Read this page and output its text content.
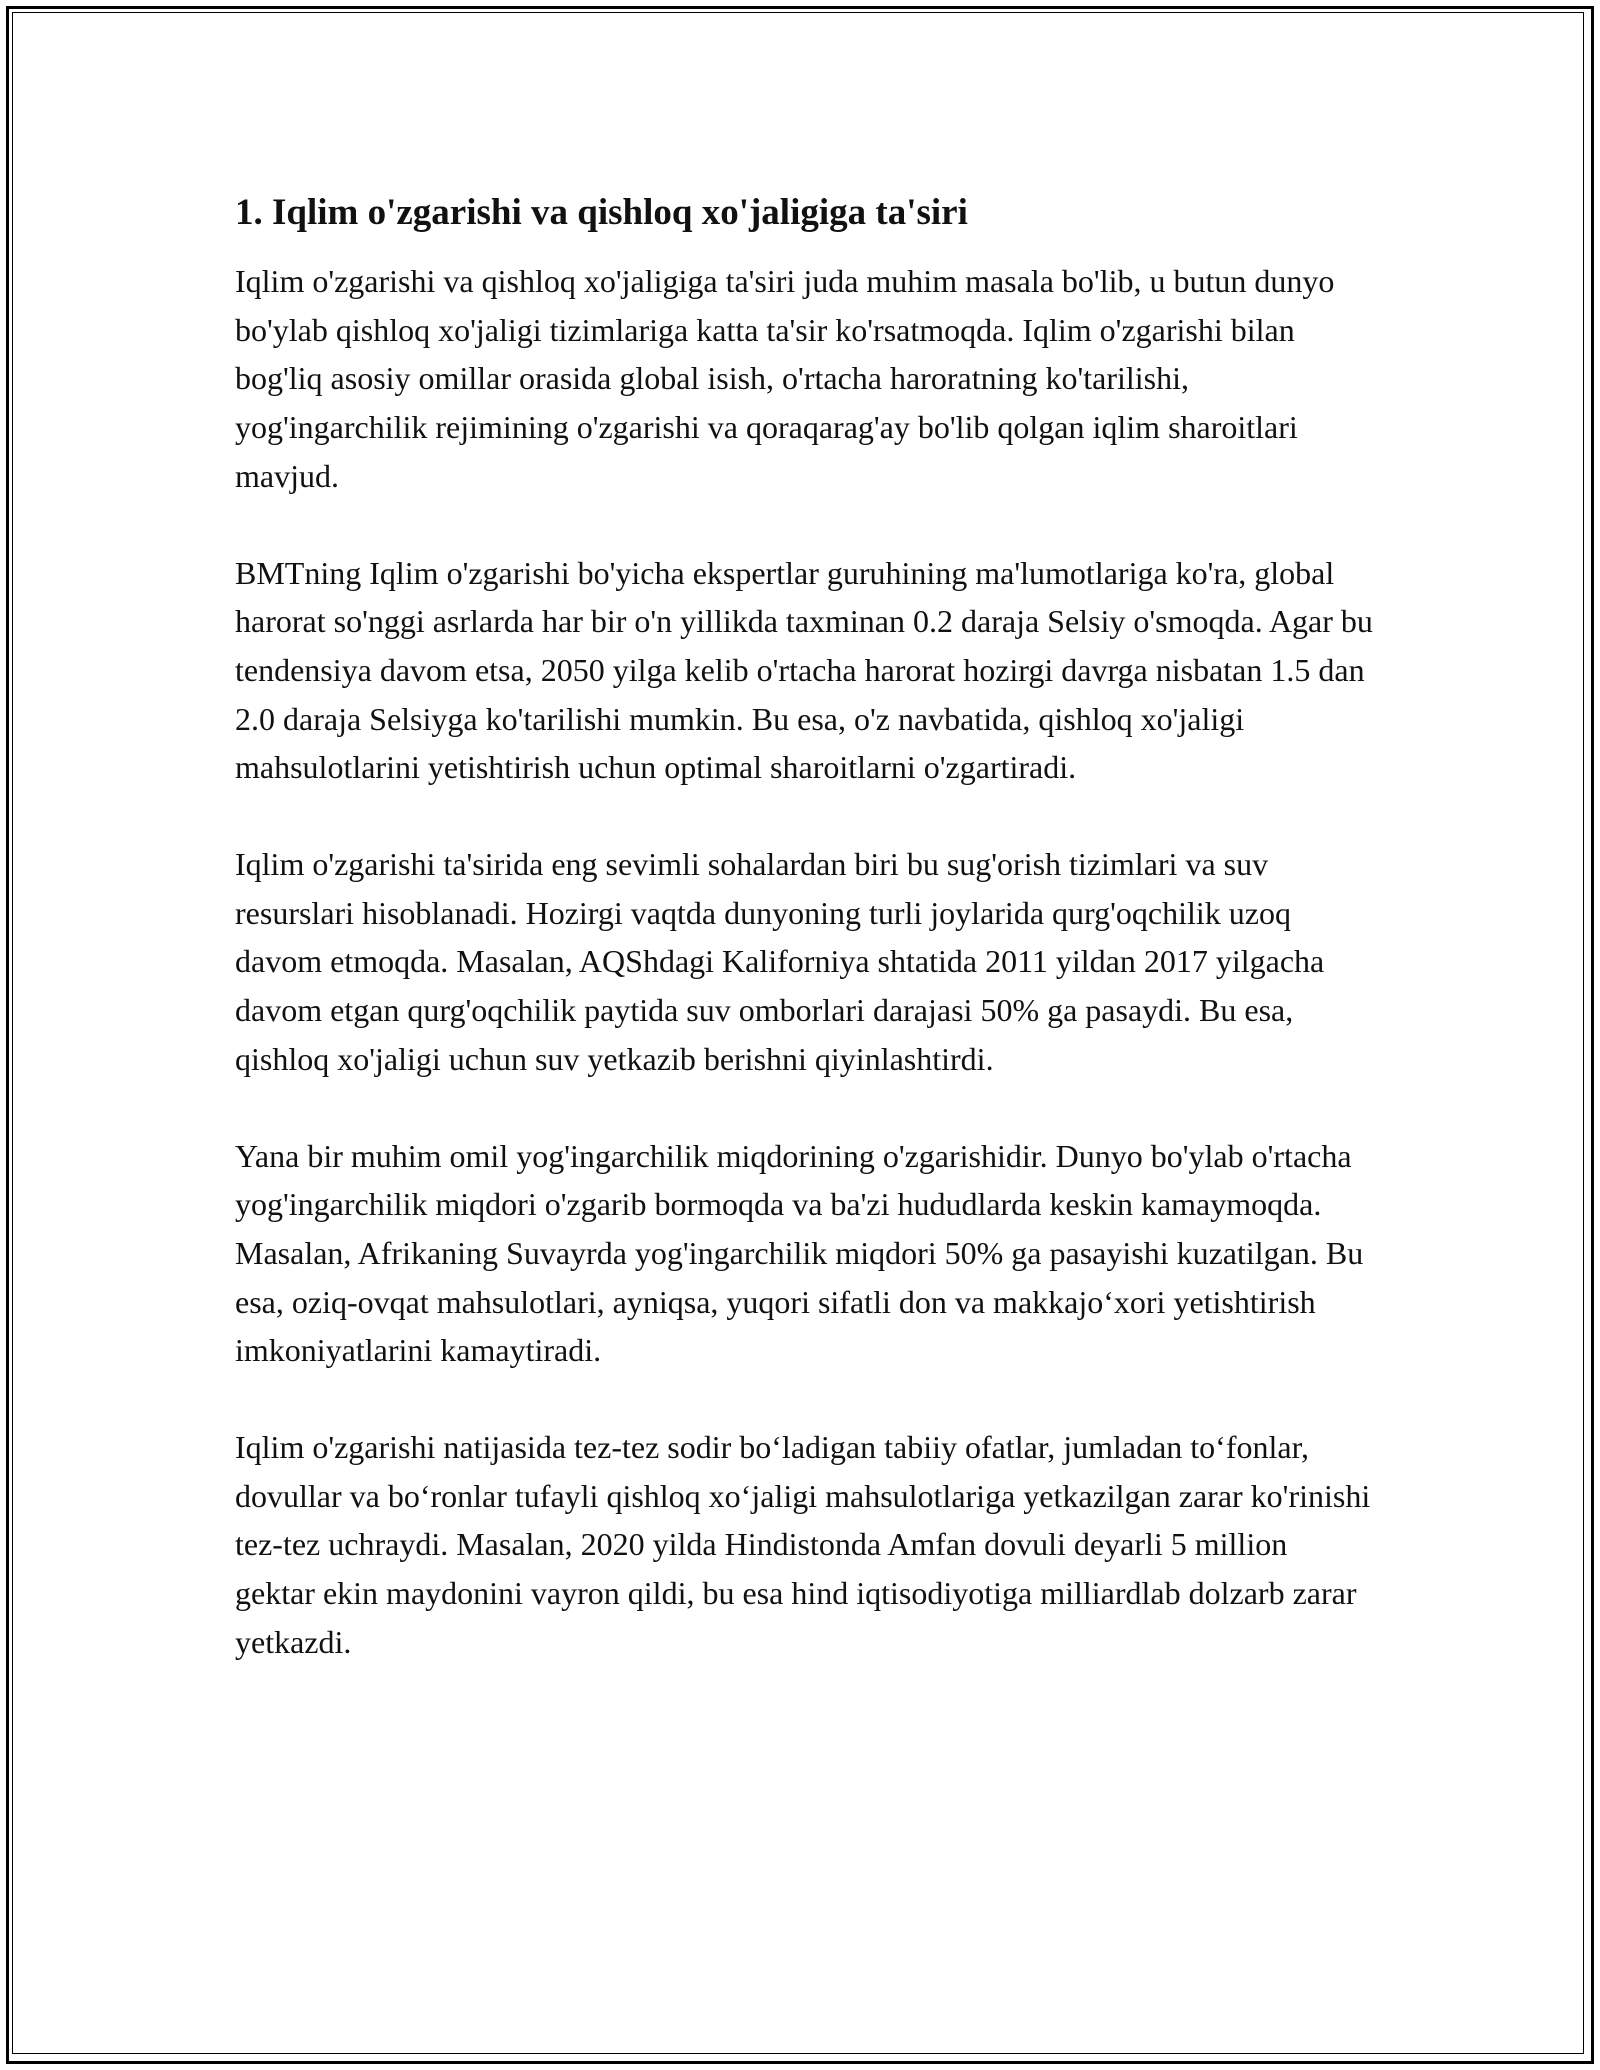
1. Iqlim o'zgarishi va qishloq xo'jaligiga ta'siri

Iqlim o'zgarishi va qishloq xo'jaligiga ta'siri juda muhim masala bo'lib, u butun dunyo bo'ylab qishloq xo'jaligi tizimlariga katta ta'sir ko'rsatmoqda. Iqlim o'zgarishi bilan bog'liq asosiy omillar orasida global isish, o'rtacha haroratning ko'tarilishi, yog'ingarchilik rejimining o'zgarishi va qoraqarag'ay bo'lib qolgan iqlim sharoitlari mavjud.

BMTning Iqlim o'zgarishi bo'yicha ekspertlar guruhining ma'lumotlariga ko'ra, global harorat so'nggi asrlarda har bir o'n yillikda taxminan 0.2 daraja Selsiy o'smoqda. Agar bu tendensiya davom etsa, 2050 yilga kelib o'rtacha harorat hozirgi davrga nisbatan 1.5 dan 2.0 daraja Selsiyga ko'tarilishi mumkin. Bu esa, o'z navbatida, qishloq xo'jaligi mahsulotlarini yetishtirish uchun optimal sharoitlarni o'zgartiradi.

Iqlim o'zgarishi ta'sirida eng sevimli sohalardan biri bu sug'orish tizimlari va suv resurslari hisoblanadi. Hozirgi vaqtda dunyoning turli joylarida qurg'oqchilik uzoq davom etmoqda. Masalan, AQShdagi Kaliforniya shtatida 2011 yildan 2017 yilgacha davom etgan qurg'oqchilik paytida suv omborlari darajasi 50% ga pasaydi. Bu esa, qishloq xo'jaligi uchun suv yetkazib berishni qiyinlashtirdi.

Yana bir muhim omil yog'ingarchilik miqdorining o'zgarishidir. Dunyo bo'ylab o'rtacha yog'ingarchilik miqdori o'zgarib bormoqda va ba'zi hududlarda keskin kamaymoqda. Masalan, Afrikaning Suvayrda yog'ingarchilik miqdori 50% ga pasayishi kuzatilgan. Bu esa, oziq-ovqat mahsulotlari, ayniqsa, yuqori sifatli don va makkajo‘xori yetishtirish imkoniyatlarini kamaytiradi.

Iqlim o'zgarishi natijasida tez-tez sodir bo‘ladigan tabiiy ofatlar, jumladan to‘fonlar, dovullar va bo‘ronlar tufayli qishloq xo‘jaligi mahsulotlariga yetkazilgan zarar ko'rinishi tez-tez uchraydi. Masalan, 2020 yilda Hindistonda Amfan dovuli deyarli 5 million gektar ekin maydonini vayron qildi, bu esa hind iqtisodiyotiga milliardlab dolzarb zarar yetkazdi.
